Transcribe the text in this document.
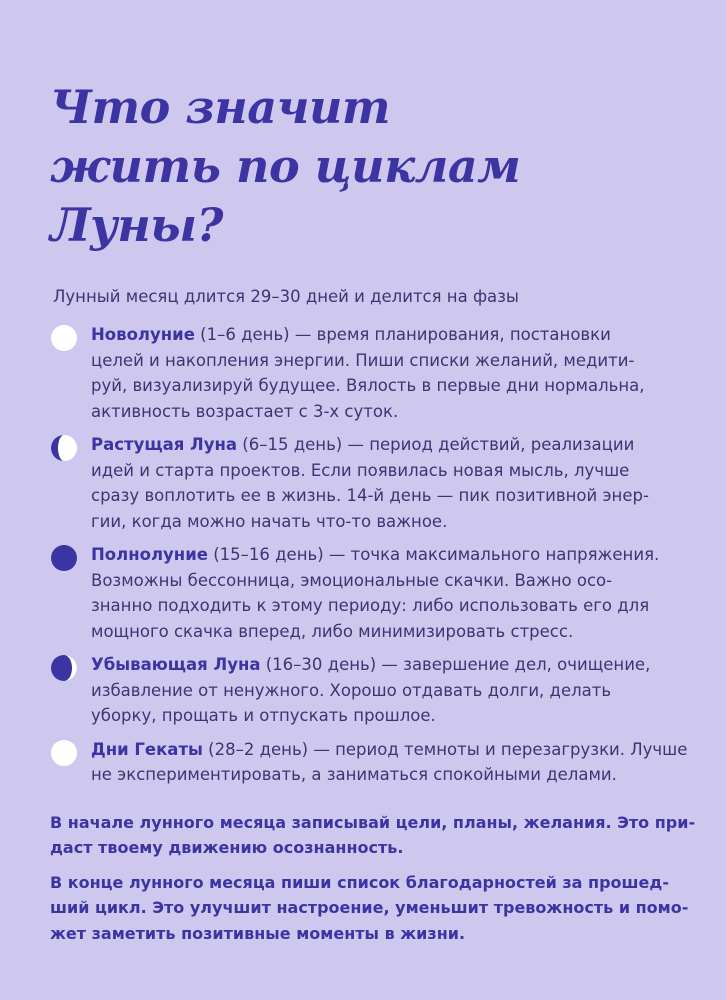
Что значит
жить по циклам Луны?

Лунный месяц длится 29–30 дней и делится на фазы

Новолуние (1–6 день) — время планирования, постановки
целей и накопления энергии. Пиши списки желаний, медити-
руй, визуализируй будущее. Вялость в первые дни нормальна,
активность возрастает с 3-х суток.
Растущая Луна (6–15 день) — период действий, реализации
идей и старта проектов. Если появилась новая мысль, лучше
сразу воплотить ее в жизнь. 14-й день — пик позитивной энер-
гии, когда можно начать что-то важное.
Полнолуние (15–16 день) — точка максимального напряжения.
Возможны бессонница, эмоциональные скачки. Важно осо-
знанно подходить к этому периоду: либо использовать его для
мощного скачка вперед, либо минимизировать стресс.
Убывающая Луна (16–30 день) — завершение дел, очищение,
избавление от ненужного. Хорошо отдавать долги, делать
уборку, прощать и отпускать прошлое.
Дни Гекаты (28–2 день) — период темноты и перезагрузки. Лучше
не экспериментировать, а заниматься спокойными делами.

В начале лунного месяца записывай цели, планы, желания. Это при-
даст твоему движению осознанность.

В конце лунного месяца пиши список благодарностей за прошед-
ший цикл. Это улучшит настроение, уменьшит тревожность и помо-
жет заметить позитивные моменты в жизни.
